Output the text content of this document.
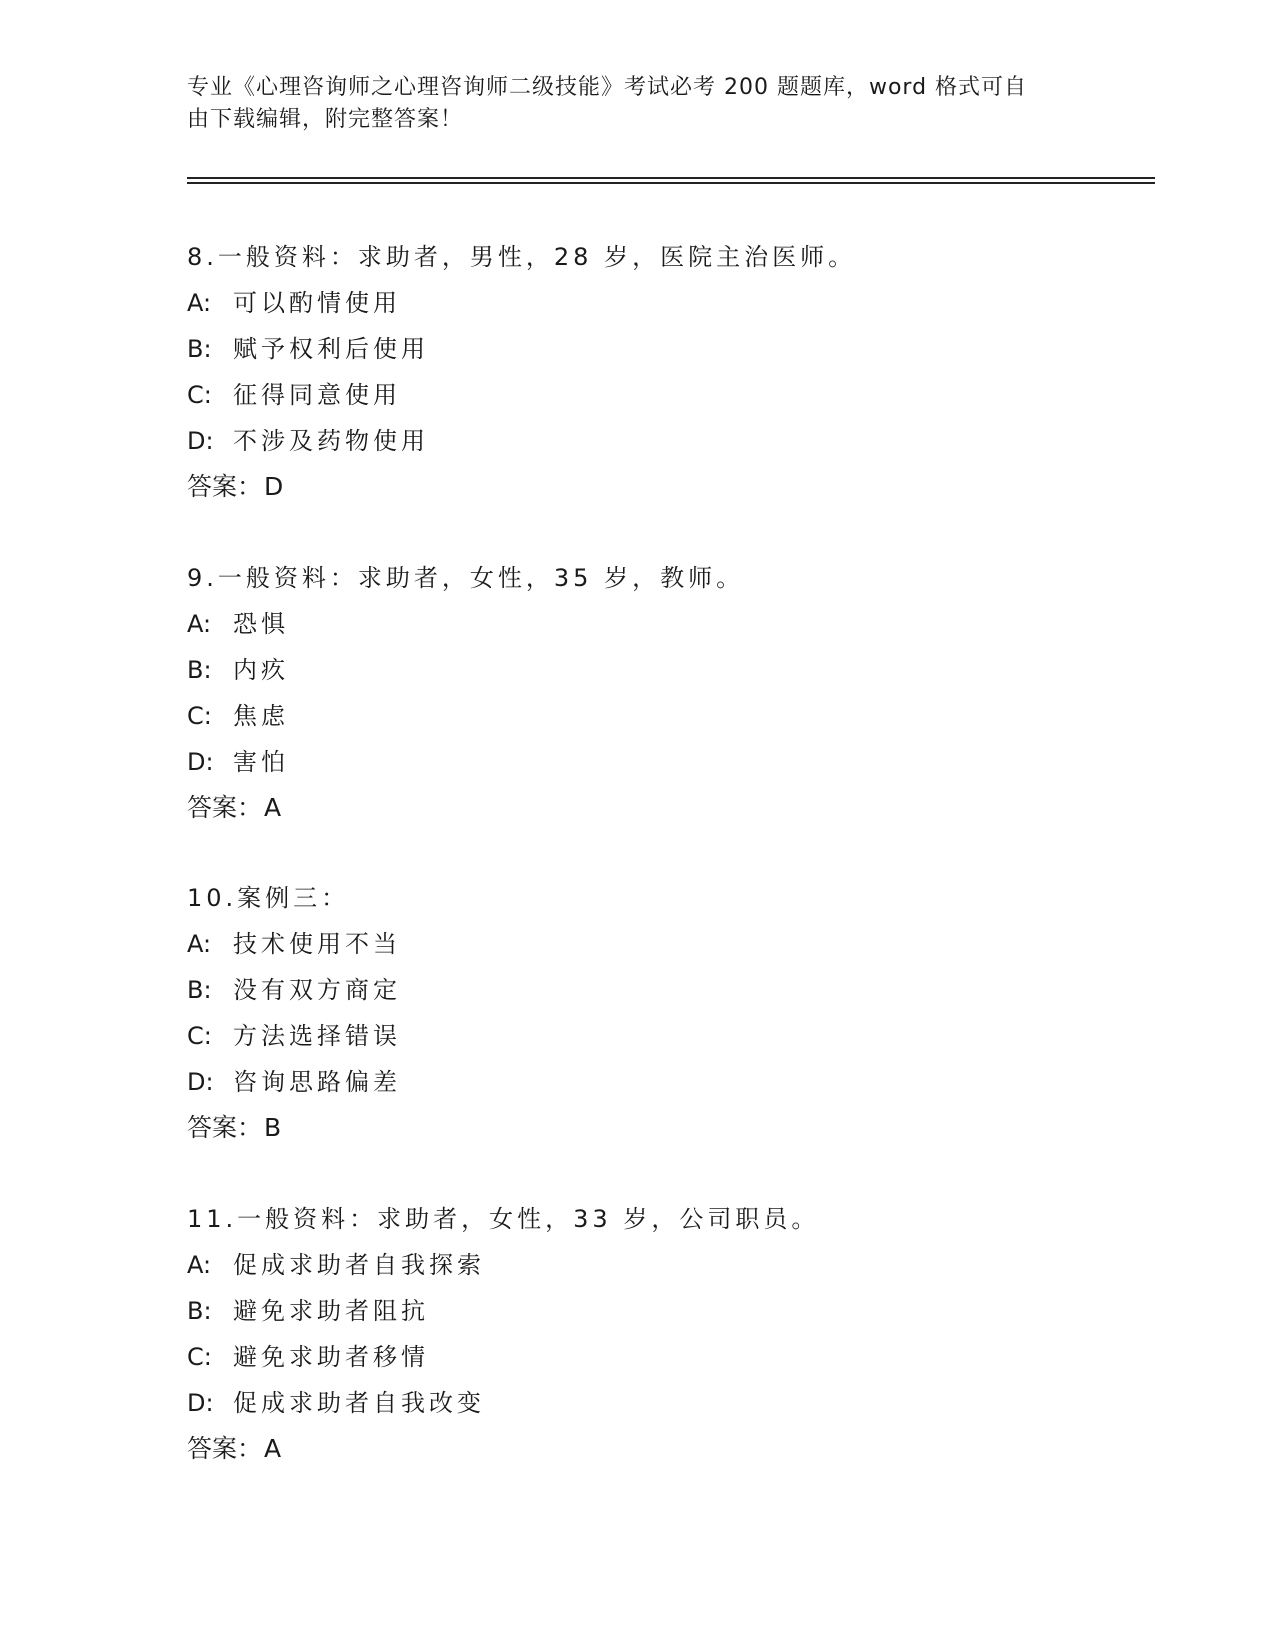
专业《心理咨询师之心理咨询师二级技能》考试必考 200 题题库，word 格式可自
由下载编辑，附完整答案！
8.一般资料：求助者，男性，28 岁，医院主治医师。
A: 可以酌情使用
B: 赋予权利后使用
C: 征得同意使用
D: 不涉及药物使用
答案：D
9.一般资料：求助者，女性，35 岁，教师。
A: 恐惧
B: 内疚
C: 焦虑
D: 害怕
答案：A
10.案例三：
A: 技术使用不当
B: 没有双方商定
C: 方法选择错误
D: 咨询思路偏差
答案：B
11.一般资料：求助者，女性，33 岁，公司职员。
A: 促成求助者自我探索
B: 避免求助者阻抗
C: 避免求助者移情
D: 促成求助者自我改变
答案：A
